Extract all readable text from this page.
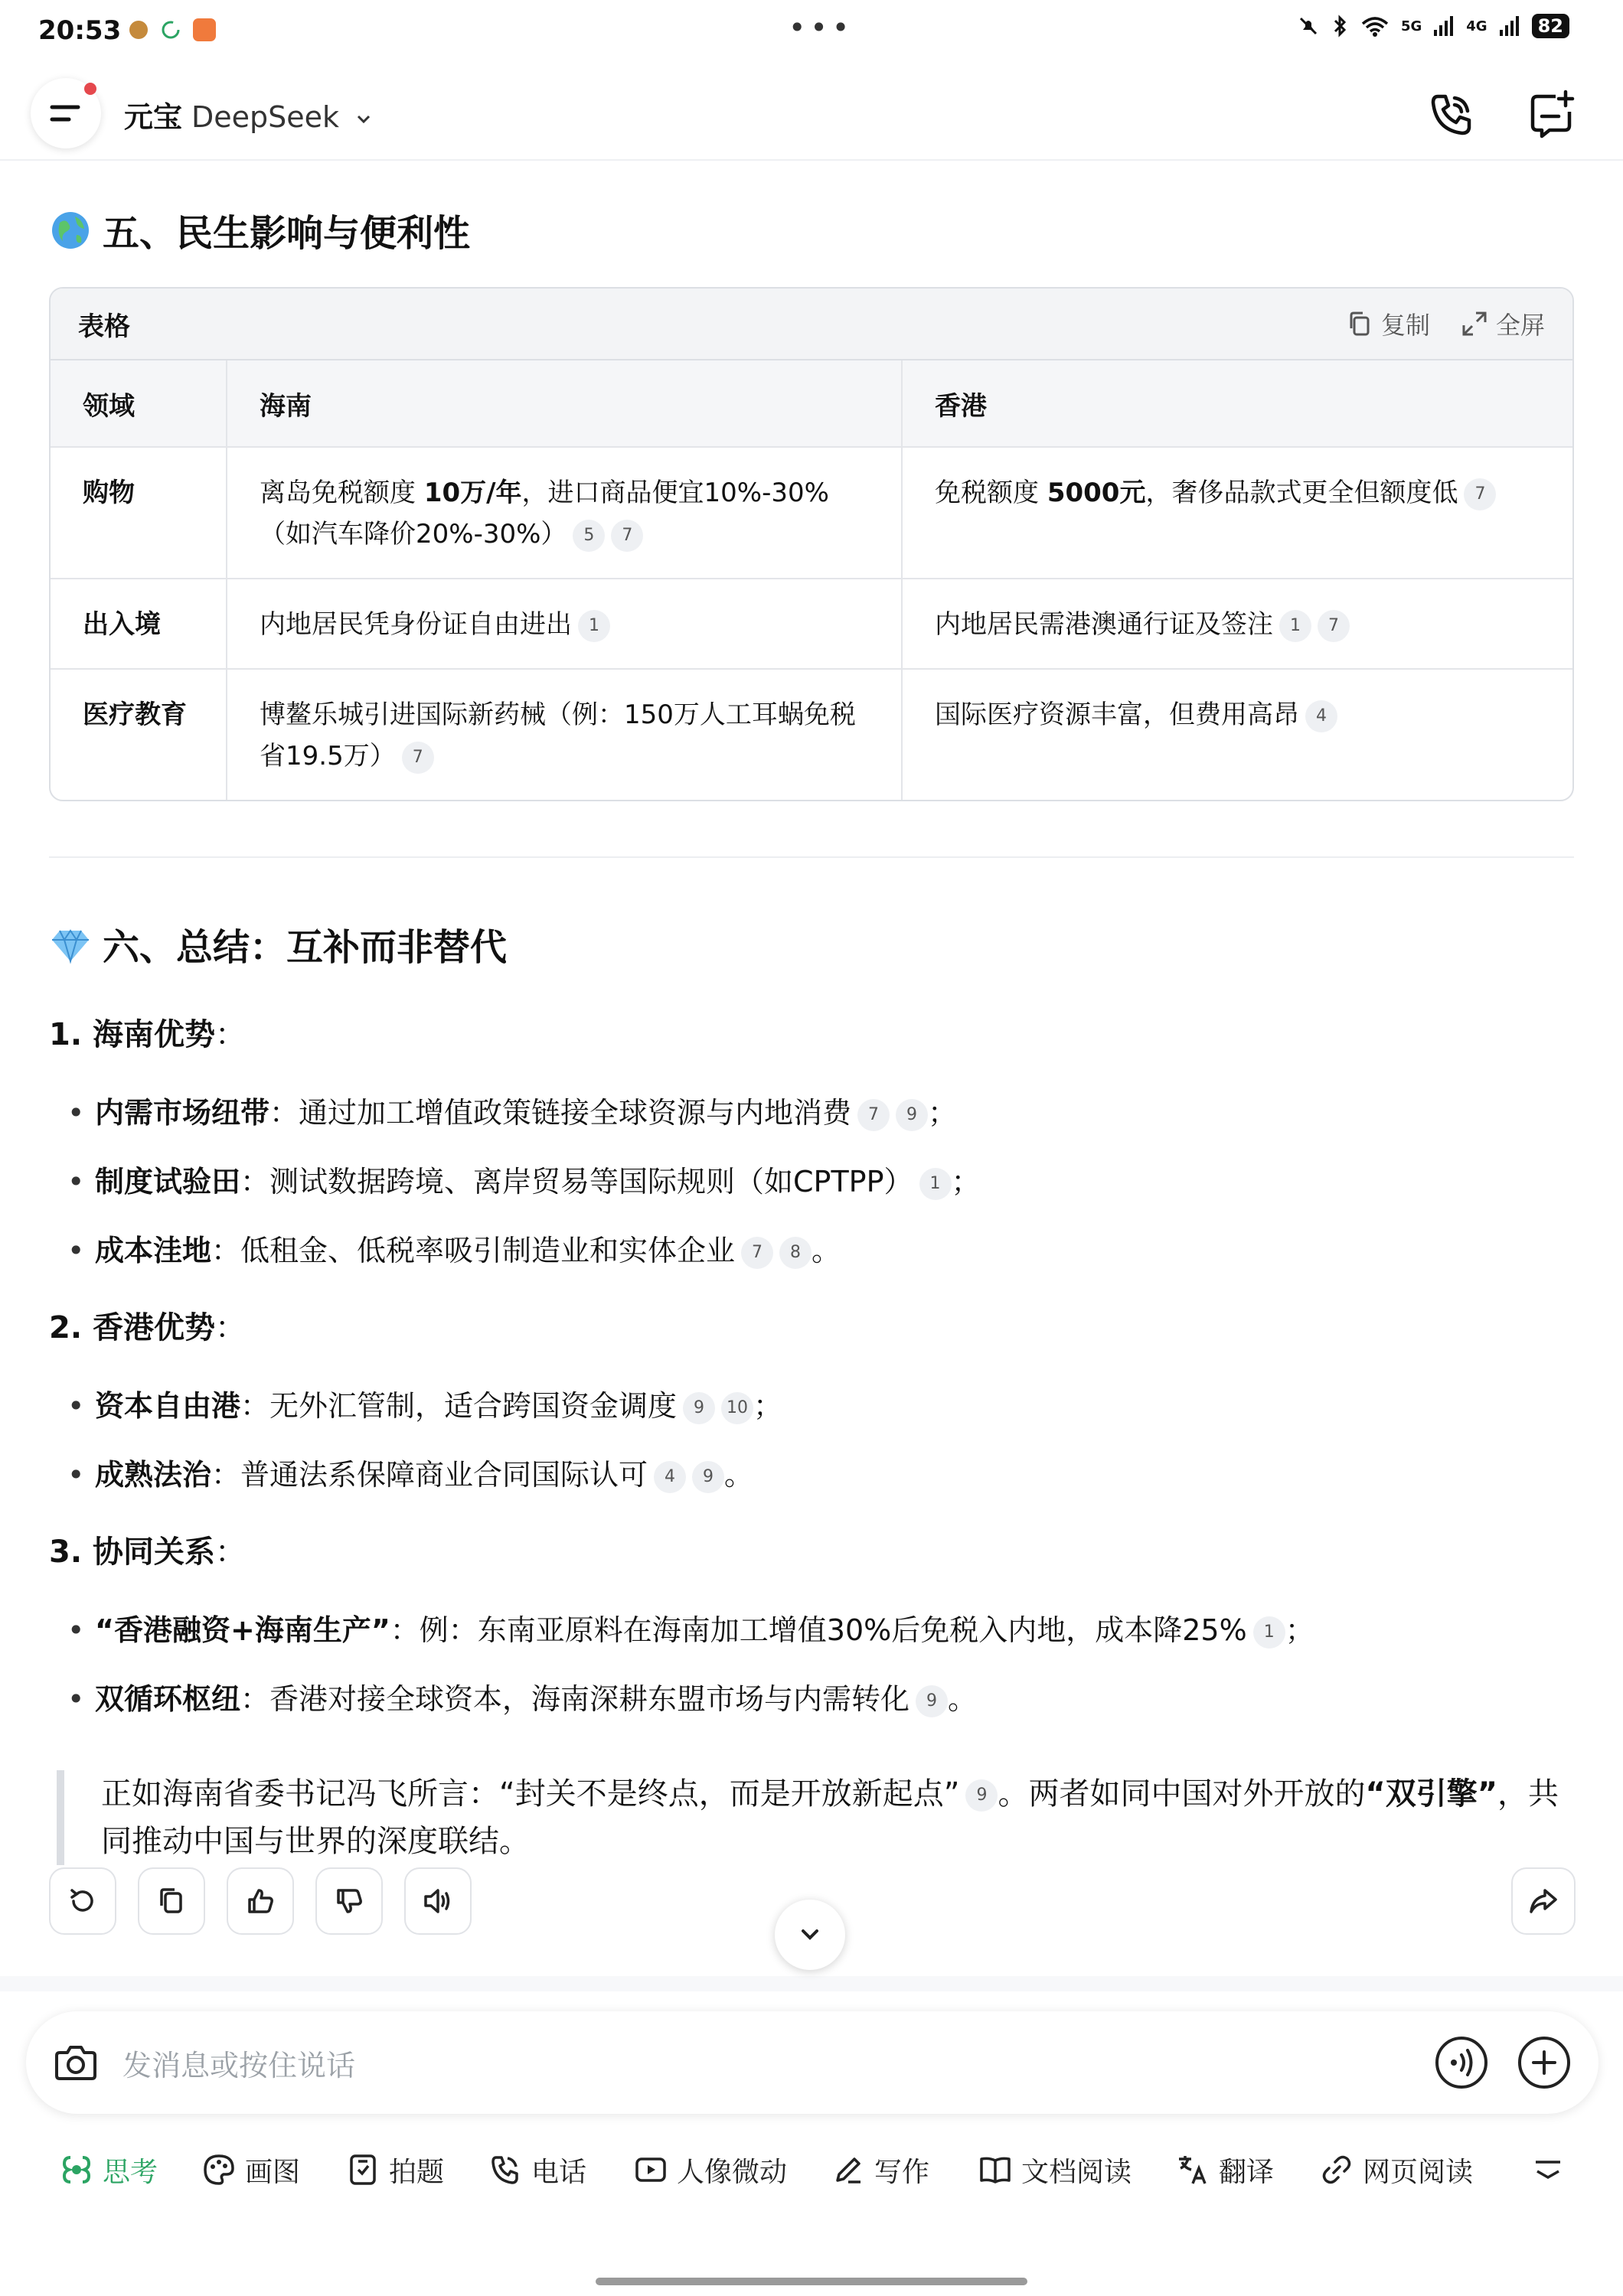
20:53	•••	5G	4G	82
元宝 DeepSeek
五、民生影响与便利性
表格	复制	全屏
领域	海南	香港
购物	离岛免税额度 10万/年，进口商品便宜10%-30%（如汽车降价20%-30%） 5 7	免税额度 5000元，奢侈品款式更全但额度低 7
出入境	内地居民凭身份证自由进出 1	内地居民需港澳通行证及签注 1 7
医疗教育	博鳌乐城引进国际新药械（例：150万人工耳蜗免税省19.5万） 7	国际医疗资源丰富，但费用高昂 4
六、总结：互补而非替代
1. 海南优势：
• 内需市场纽带：通过加工增值政策链接全球资源与内地消费 7 9 ；
• 制度试验田：测试数据跨境、离岸贸易等国际规则（如CPTPP） 1 ；
• 成本洼地：低租金、低税率吸引制造业和实体企业 7 8 。
2. 香港优势：
• 资本自由港：无外汇管制，适合跨国资金调度 9 10 ；
• 成熟法治：普通法系保障商业合同国际认可 4 9 。
3. 协同关系：
• “香港融资+海南生产”：例：东南亚原料在海南加工增值30%后免税入内地，成本降25% 1 ；
• 双循环枢纽：香港对接全球资本，海南深耕东盟市场与内需转化 9 。
正如海南省委书记冯飞所言：“封关不是终点，而是开放新起点” 9 。两者如同中国对外开放的“双引擎”，共同推动中国与世界的深度联结。
发消息或按住说话
思考	画图	拍题	电话	人像微动	写作	文档阅读	翻译	网页阅读
